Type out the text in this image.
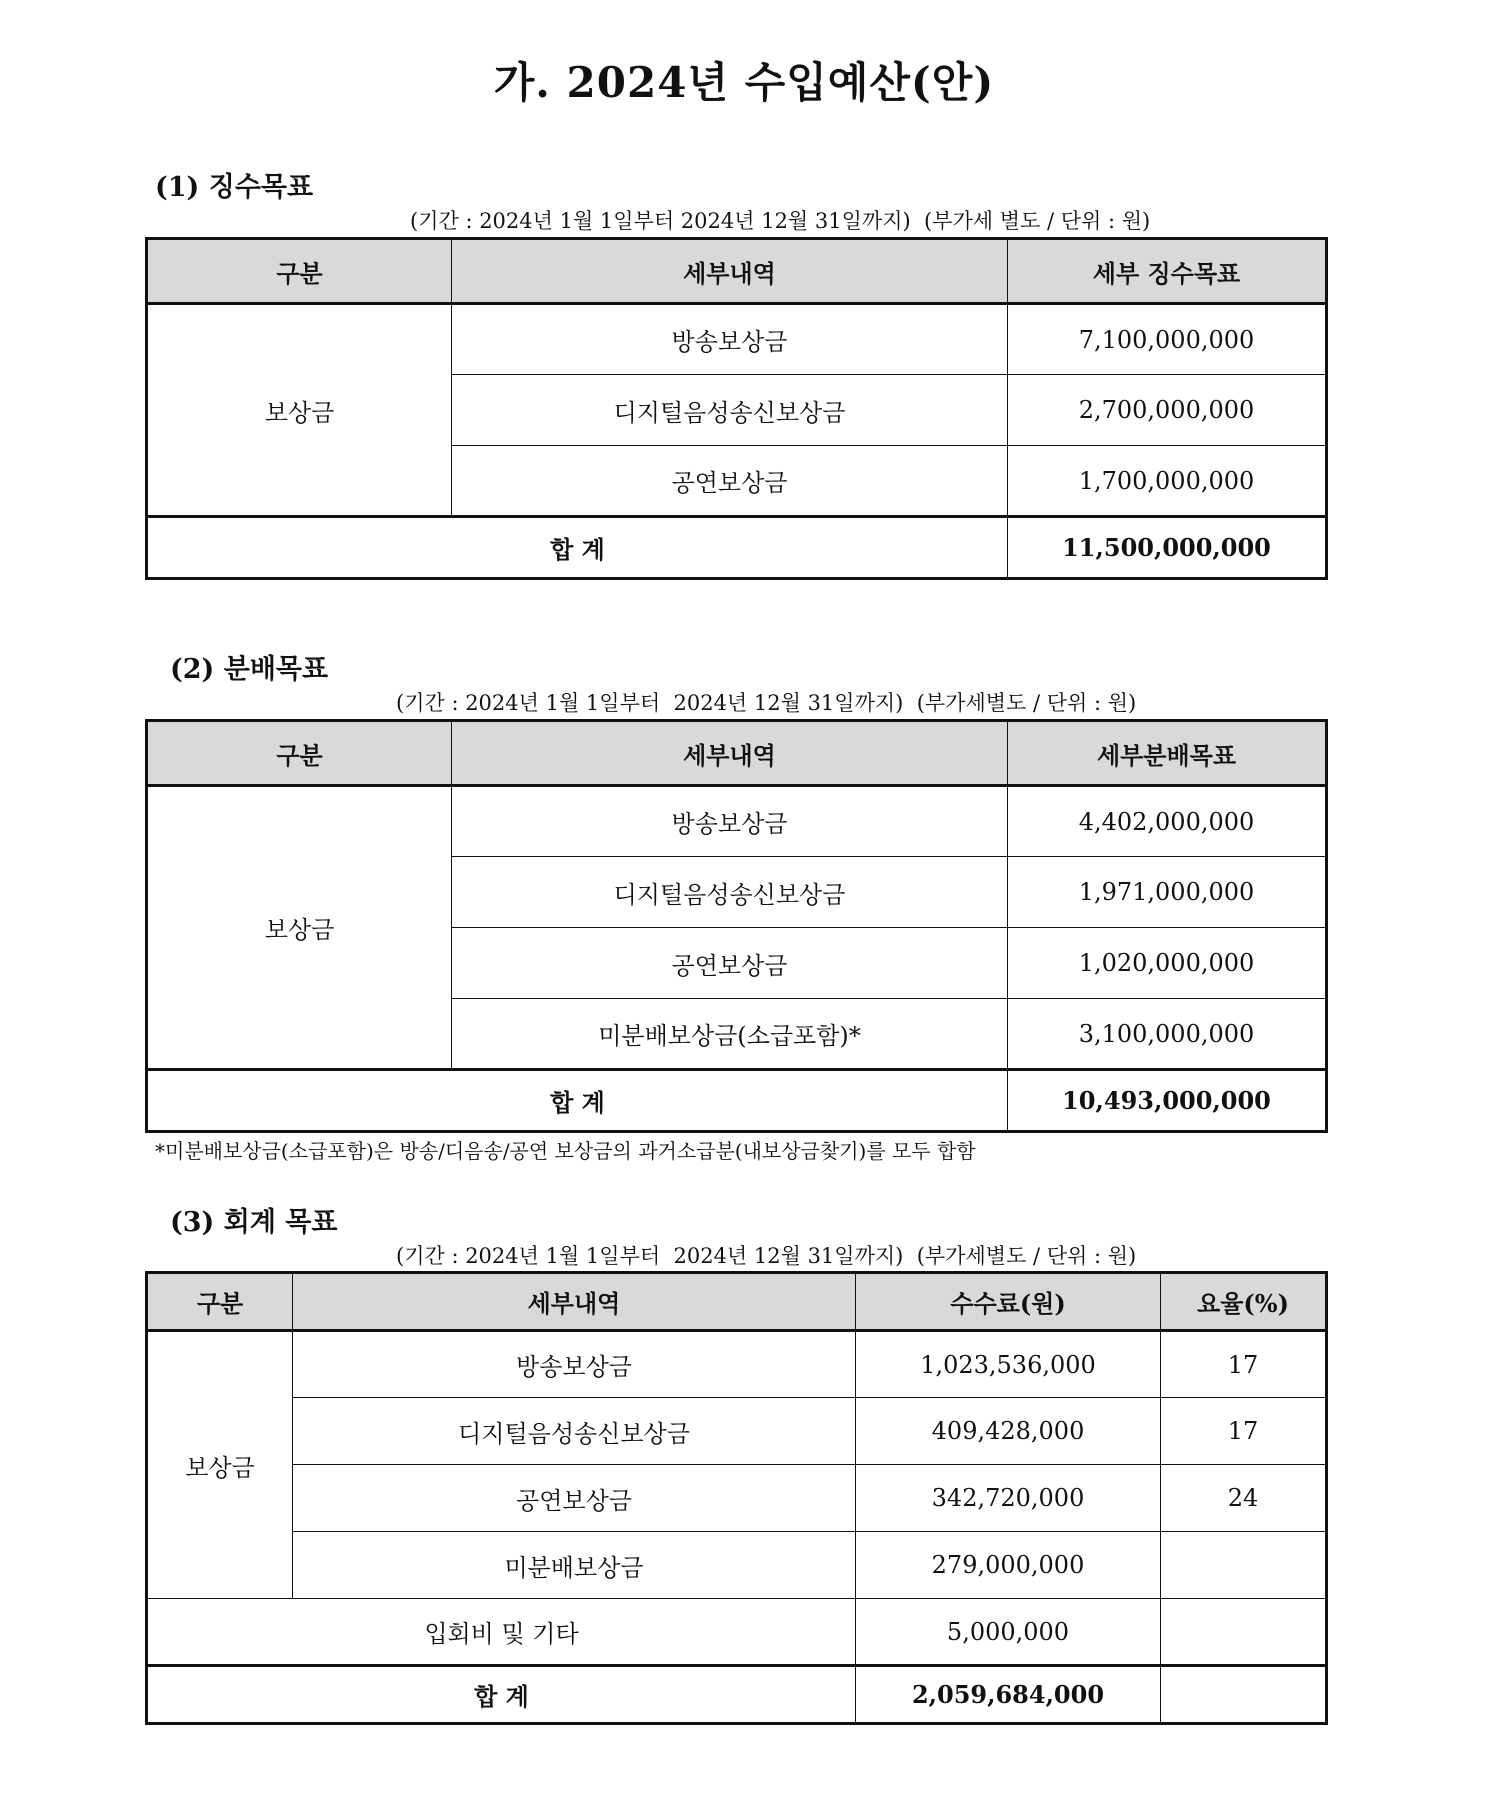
가. 2024년 수입예산(안)
(1) 징수목표
(기간 : 2024년 1월 1일부터 2024년 12월 31일까지)  (부가세 별도 / 단위 : 원)
구분	세부내역	세부 징수목표
보상금	방송보상금	7,100,000,000
	디지털음성송신보상금	2,700,000,000
	공연보상금	1,700,000,000
합 계		11,500,000,000
(2) 분배목표
(기간 : 2024년 1월 1일부터  2024년 12월 31일까지)  (부가세별도 / 단위 : 원)
구분	세부내역	세부분배목표
보상금	방송보상금	4,402,000,000
	디지털음성송신보상금	1,971,000,000
	공연보상금	1,020,000,000
	미분배보상금(소급포함)*	3,100,000,000
합 계		10,493,000,000
*미분배보상금(소급포함)은 방송/디음송/공연 보상금의 과거소급분(내보상금찾기)를 모두 합함
(3) 회계 목표
(기간 : 2024년 1월 1일부터  2024년 12월 31일까지)  (부가세별도 / 단위 : 원)
구분	세부내역	수수료(원)	요율(%)
보상금	방송보상금	1,023,536,000	17
	디지털음성송신보상금	409,428,000	17
	공연보상금	342,720,000	24
	미분배보상금	279,000,000	
입회비 및 기타		5,000,000	
합 계		2,059,684,000	
